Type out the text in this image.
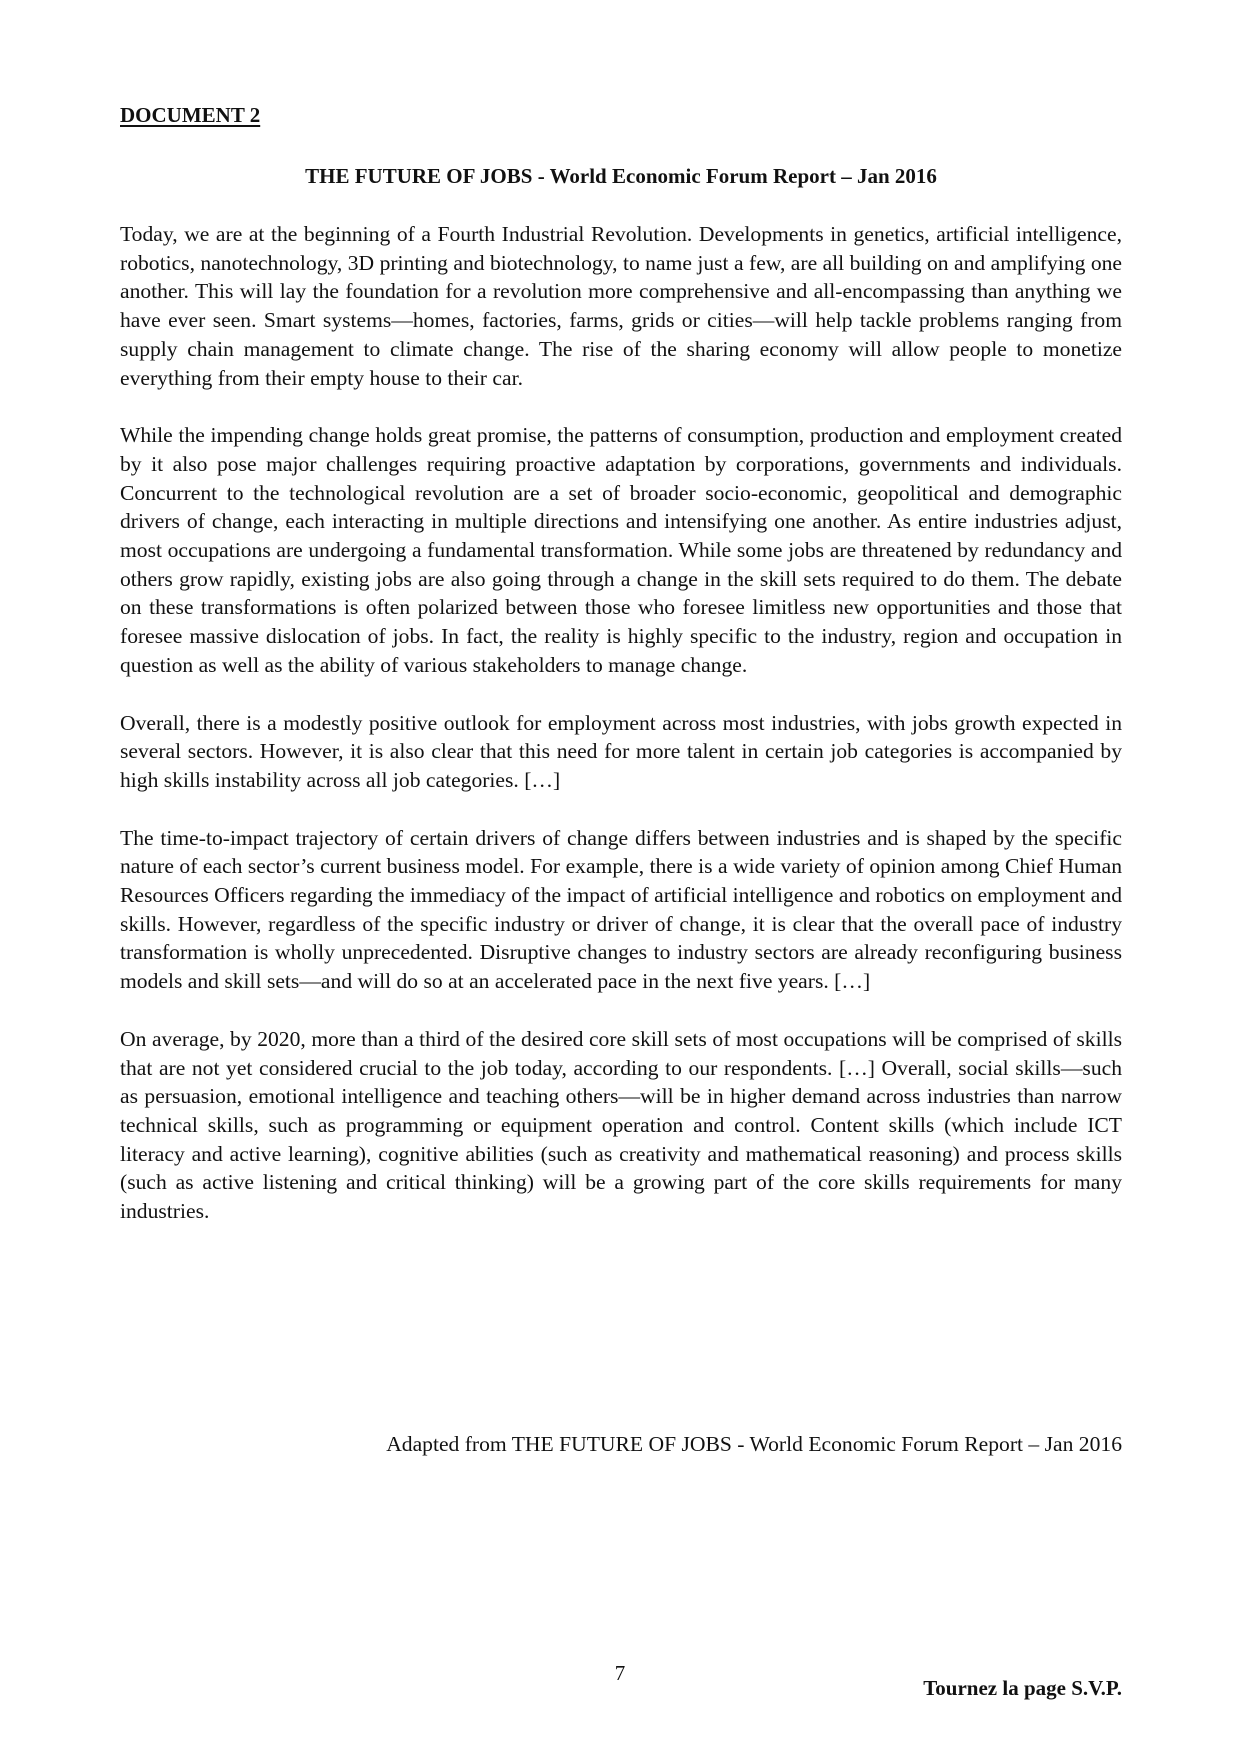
DOCUMENT 2
THE FUTURE OF JOBS - World Economic Forum Report – Jan 2016

Today, we are at the beginning of a Fourth Industrial Revolution. Developments in genetics, artificial intelligence, robotics, nanotechnology, 3D printing and biotechnology, to name just a few, are all building on and amplifying one another. This will lay the foundation for a revolution more comprehensive and all-encompassing than anything we have ever seen. Smart systems—homes, factories, farms, grids or cities—will help tackle problems ranging from supply chain management to climate change. The rise of the sharing economy will allow people to monetize everything from their empty house to their car.

While the impending change holds great promise, the patterns of consumption, production and employment created by it also pose major challenges requiring proactive adaptation by corporations, governments and individuals. Concurrent to the technological revolution are a set of broader socio-economic, geopolitical and demographic drivers of change, each interacting in multiple directions and intensifying one another. As entire industries adjust, most occupations are undergoing a fundamental transformation. While some jobs are threatened by redundancy and others grow rapidly, existing jobs are also going through a change in the skill sets required to do them. The debate on these transformations is often polarized between those who foresee limitless new opportunities and those that foresee massive dislocation of jobs. In fact, the reality is highly specific to the industry, region and occupation in question as well as the ability of various stakeholders to manage change.

Overall, there is a modestly positive outlook for employment across most industries, with jobs growth expected in several sectors. However, it is also clear that this need for more talent in certain job categories is accompanied by high skills instability across all job categories. […]

The time-to-impact trajectory of certain drivers of change differs between industries and is shaped by the specific nature of each sector’s current business model. For example, there is a wide variety of opinion among Chief Human Resources Officers regarding the immediacy of the impact of artificial intelligence and robotics on employment and skills. However, regardless of the specific industry or driver of change, it is clear that the overall pace of industry transformation is wholly unprecedented. Disruptive changes to industry sectors are already reconfiguring business models and skill sets—and will do so at an accelerated pace in the next five years. […]

On average, by 2020, more than a third of the desired core skill sets of most occupations will be comprised of skills that are not yet considered crucial to the job today, according to our respondents. […] Overall, social skills—such as persuasion, emotional intelligence and teaching others—will be in higher demand across industries than narrow technical skills, such as programming or equipment operation and control. Content skills (which include ICT literacy and active learning), cognitive abilities (such as creativity and mathematical reasoning) and process skills (such as active listening and critical thinking) will be a growing part of the core skills requirements for many industries.

Adapted from THE FUTURE OF JOBS - World Economic Forum Report – Jan 2016
7
Tournez la page S.V.P.
